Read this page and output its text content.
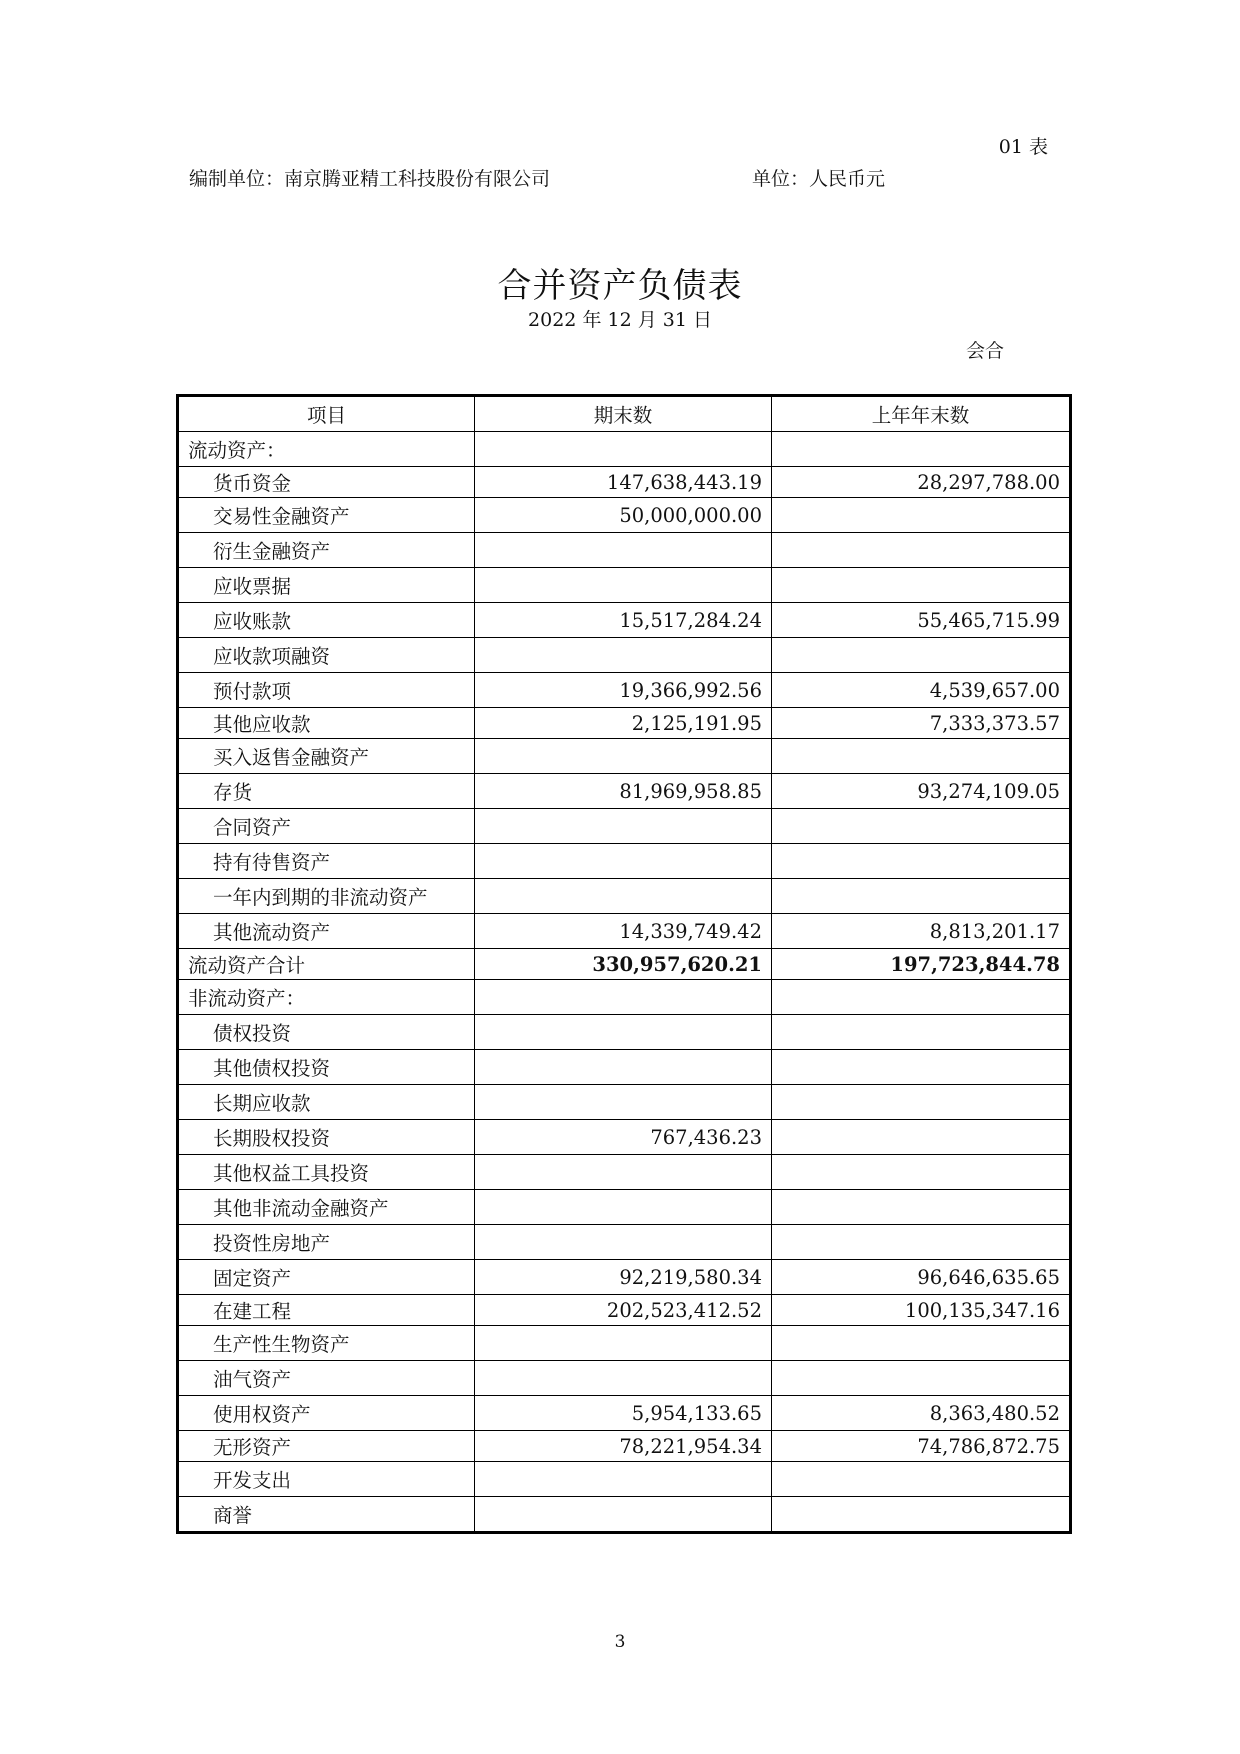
01 表
编制单位：南京腾亚精工科技股份有限公司	单位：人民币元
合并资产负债表
2022 年 12 月 31 日
会合
项目	期末数	上年年末数
流动资产：		
货币资金	147,638,443.19	28,297,788.00
交易性金融资产	50,000,000.00	
衍生金融资产		
应收票据		
应收账款	15,517,284.24	55,465,715.99
应收款项融资		
预付款项	19,366,992.56	4,539,657.00
其他应收款	2,125,191.95	7,333,373.57
买入返售金融资产		
存货	81,969,958.85	93,274,109.05
合同资产		
持有待售资产		
一年内到期的非流动资产		
其他流动资产	14,339,749.42	8,813,201.17
流动资产合计	330,957,620.21	197,723,844.78
非流动资产：		
债权投资		
其他债权投资		
长期应收款		
长期股权投资	767,436.23	
其他权益工具投资		
其他非流动金融资产		
投资性房地产		
固定资产	92,219,580.34	96,646,635.65
在建工程	202,523,412.52	100,135,347.16
生产性生物资产		
油气资产		
使用权资产	5,954,133.65	8,363,480.52
无形资产	78,221,954.34	74,786,872.75
开发支出		
商誉		
3
